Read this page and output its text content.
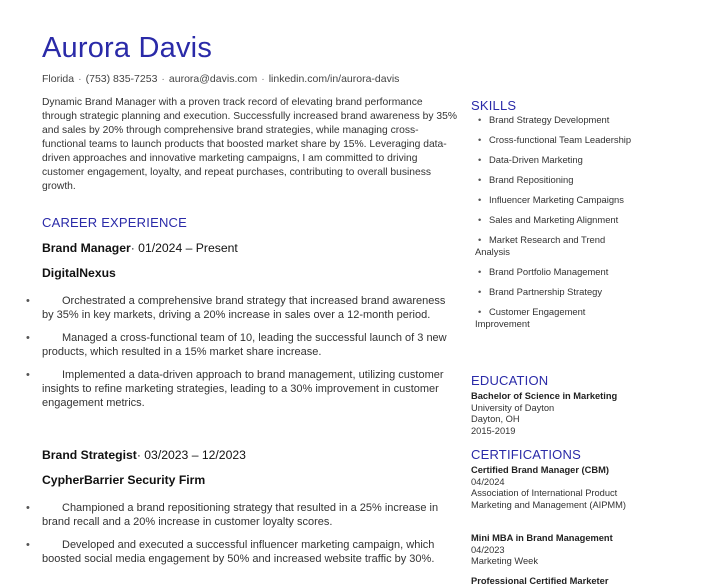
Aurora Davis
Florida · (753) 835-7253 · aurora@davis.com · linkedin.com/in/aurora-davis

Dynamic Brand Manager with a proven track record of elevating brand performance through strategic planning and execution. Successfully increased brand awareness by 35% and sales by 20% through comprehensive brand strategies, while managing cross-functional teams to launch products that boosted market share by 15%. Leveraging data-driven approaches and innovative marketing campaigns, I am committed to driving customer engagement, loyalty, and repeat purchases, contributing to overall business growth.

CAREER EXPERIENCE
Brand Manager· 01/2024 – Present
DigitalNexus
• Orchestrated a comprehensive brand strategy that increased brand awareness by 35% in key markets, driving a 20% increase in sales over a 12-month period.
• Managed a cross-functional team of 10, leading the successful launch of 3 new products, which resulted in a 15% market share increase.
• Implemented a data-driven approach to brand management, utilizing customer insights to refine marketing strategies, leading to a 30% improvement in customer engagement metrics.
Brand Strategist· 03/2023 – 12/2023
CypherBarrier Security Firm
• Championed a brand repositioning strategy that resulted in a 25% increase in brand recall and a 20% increase in customer loyalty scores.
• Developed and executed a successful influencer marketing campaign, which boosted social media engagement by 50% and increased website traffic by 30%.
SKILLS
• Brand Strategy Development
• Cross-functional Team Leadership
• Data-Driven Marketing
• Brand Repositioning
• Influencer Marketing Campaigns
• Sales and Marketing Alignment
• Market Research and Trend Analysis
• Brand Portfolio Management
• Brand Partnership Strategy
• Customer Engagement Improvement
EDUCATION
Bachelor of Science in Marketing
University of Dayton
Dayton, OH
2015-2019
CERTIFICATIONS
Certified Brand Manager (CBM)
04/2024
Association of International Product Marketing and Management (AIPMM)
Mini MBA in Brand Management
04/2023
Marketing Week
Professional Certified Marketer
